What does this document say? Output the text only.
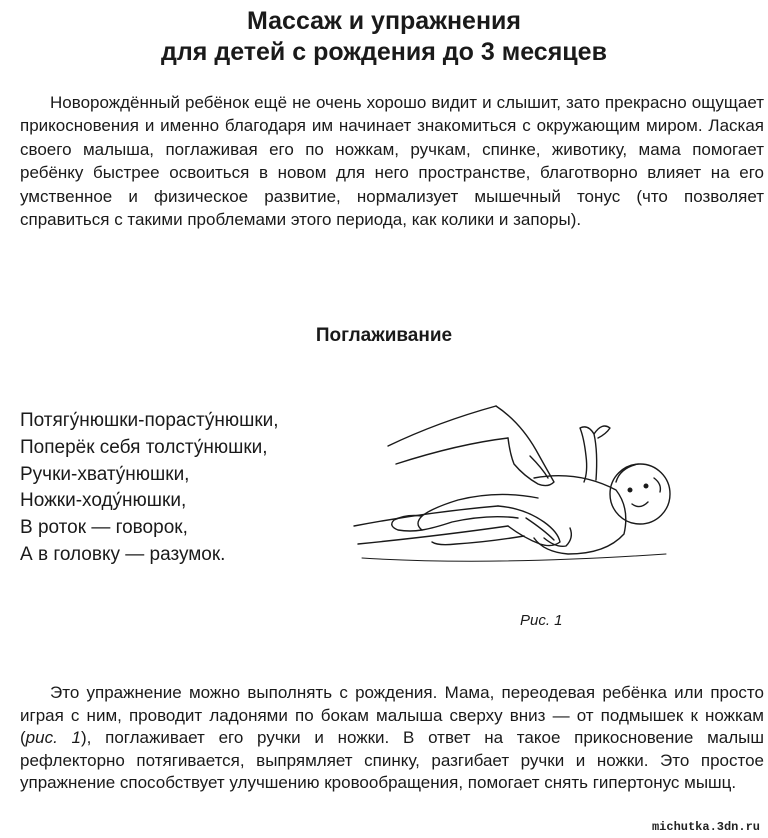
Массаж и упражнения
для детей с рождения до 3 месяцев

Новорождённый ребёнок ещё не очень хорошо видит и слышит, зато прекрасно ощущает прикосновения и именно благодаря им начинает знакомиться с окружающим миром. Лаская своего малыша, поглаживая его по ножкам, ручкам, спинке, животику, мама помогает ребёнку быстрее освоиться в новом для него пространстве, благотворно влияет на его умственное и физическое развитие, нормализует мышечный тонус (что позволяет справиться с такими проблемами этого периода, как колики и запоры).

Поглаживание
Потягу́нюшки-порасту́нюшки,
Поперёк себя толсту́нюшки,
Ручки-хвату́нюшки,
Ножки-ходу́нюшки,
В роток — говорок,
А в головку — разумок.
Рис. 1

Это упражнение можно выполнять с рождения. Мама, переодевая ребёнка или просто играя с ним, проводит ладонями по бокам малыша сверху вниз — от подмышек к ножкам (рис. 1), поглаживает его ручки и ножки. В ответ на такое прикосновение малыш рефлекторно потягивается, выпрямляет спинку, разгибает ручки и ножки. Это простое упражнение способствует улучшению кровообращения, помогает снять гипертонус мышц.

michutka.3dn.ru
